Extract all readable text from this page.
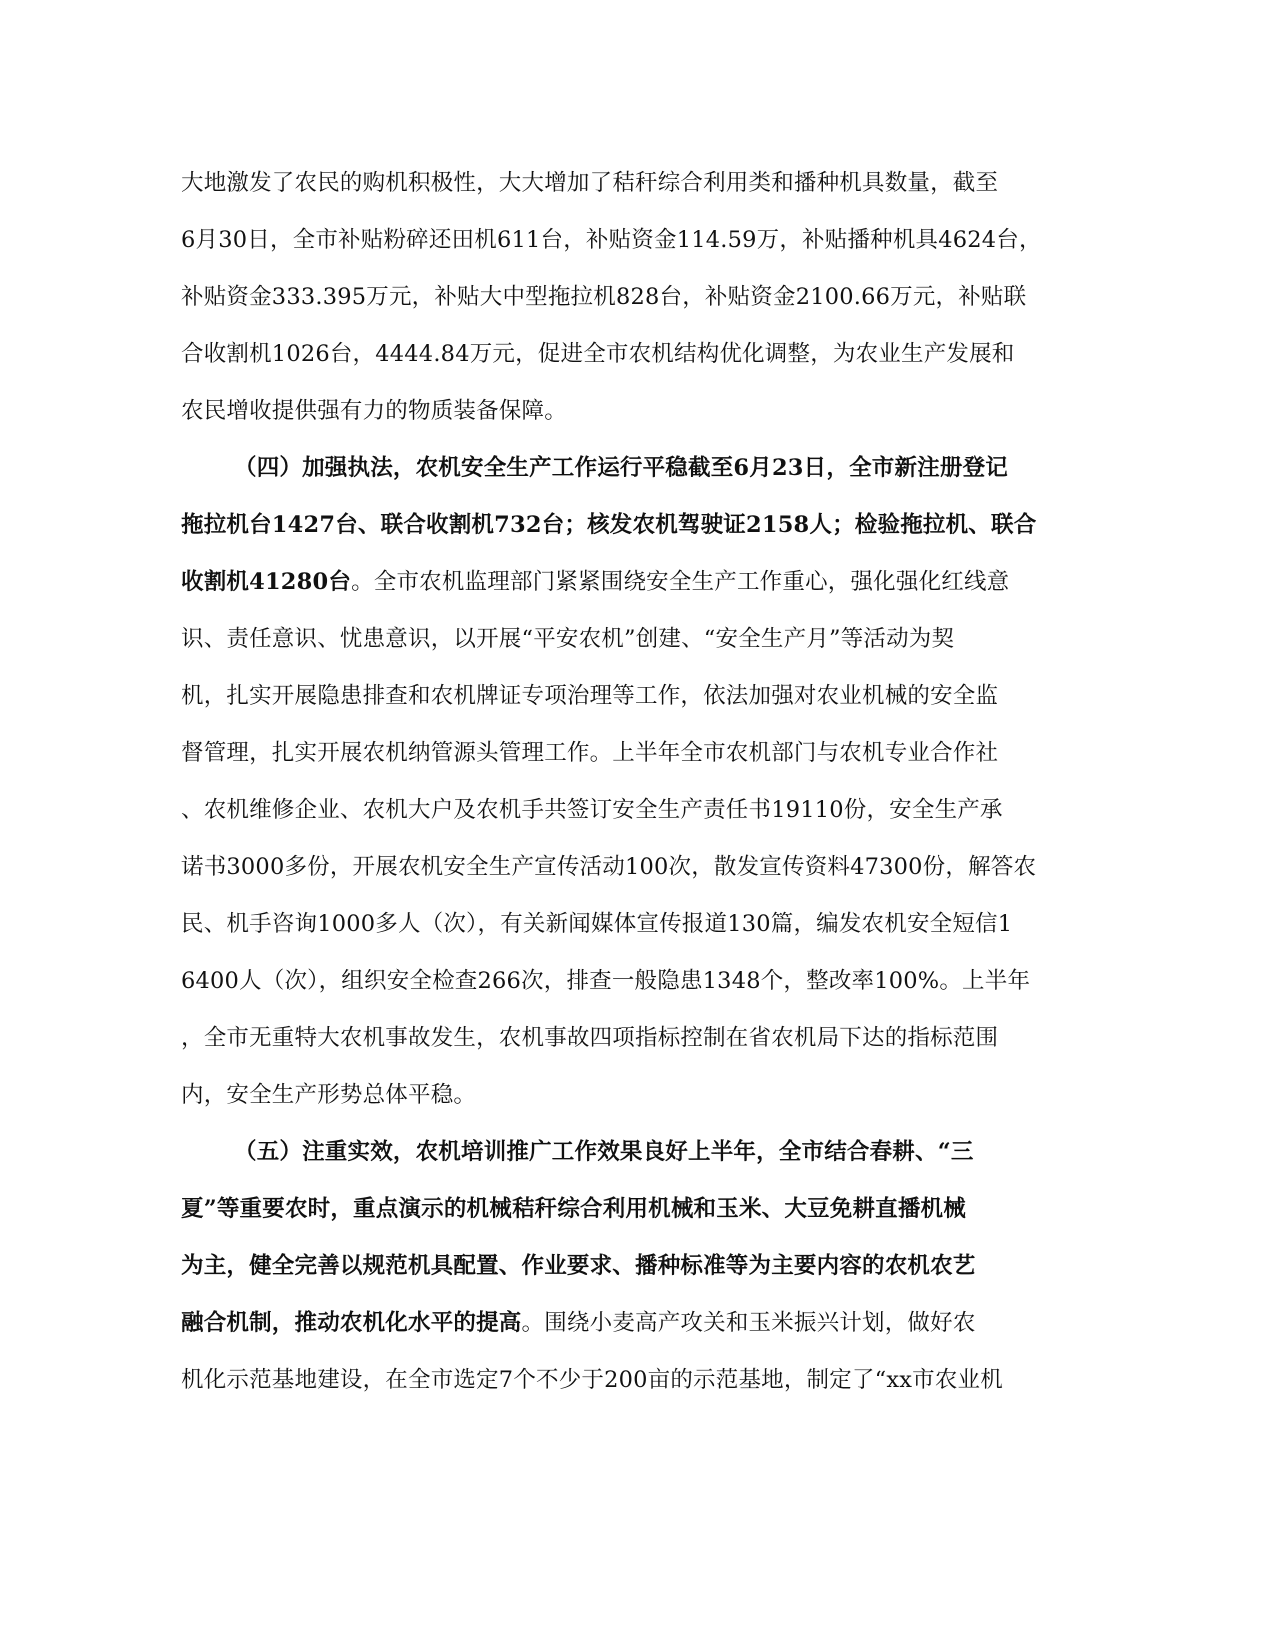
大地激发了农民的购机积极性，大大增加了秸秆综合利用类和播种机具数量，截至
6月30日，全市补贴粉碎还田机611台，补贴资金114.59万，补贴播种机具4624台，
补贴资金333.395万元，补贴大中型拖拉机828台，补贴资金2100.66万元，补贴联
合收割机1026台，4444.84万元，促进全市农机结构优化调整，为农业生产发展和
农民增收提供强有力的物质装备保障。
（四）加强执法，农机安全生产工作运行平稳截至6月23日，全市新注册登记
拖拉机台1427台、联合收割机732台；核发农机驾驶证2158人；检验拖拉机、联合
收割机41280台。全市农机监理部门紧紧围绕安全生产工作重心，强化强化红线意
识、责任意识、忧患意识，以开展“平安农机”创建、“安全生产月”等活动为契
机，扎实开展隐患排查和农机牌证专项治理等工作，依法加强对农业机械的安全监
督管理，扎实开展农机纳管源头管理工作。上半年全市农机部门与农机专业合作社
、农机维修企业、农机大户及农机手共签订安全生产责任书19110份，安全生产承
诺书3000多份，开展农机安全生产宣传活动100次，散发宣传资料47300份，解答农
民、机手咨询1000多人（次），有关新闻媒体宣传报道130篇，编发农机安全短信1
6400人（次），组织安全检查266次，排查一般隐患1348个，整改率100%。上半年
，全市无重特大农机事故发生，农机事故四项指标控制在省农机局下达的指标范围
内，安全生产形势总体平稳。
（五）注重实效，农机培训推广工作效果良好上半年，全市结合春耕、“三
夏”等重要农时，重点演示的机械秸秆综合利用机械和玉米、大豆免耕直播机械
为主，健全完善以规范机具配置、作业要求、播种标准等为主要内容的农机农艺
融合机制，推动农机化水平的提高。围绕小麦高产攻关和玉米振兴计划，做好农
机化示范基地建设，在全市选定7个不少于200亩的示范基地，制定了“xx市农业机
